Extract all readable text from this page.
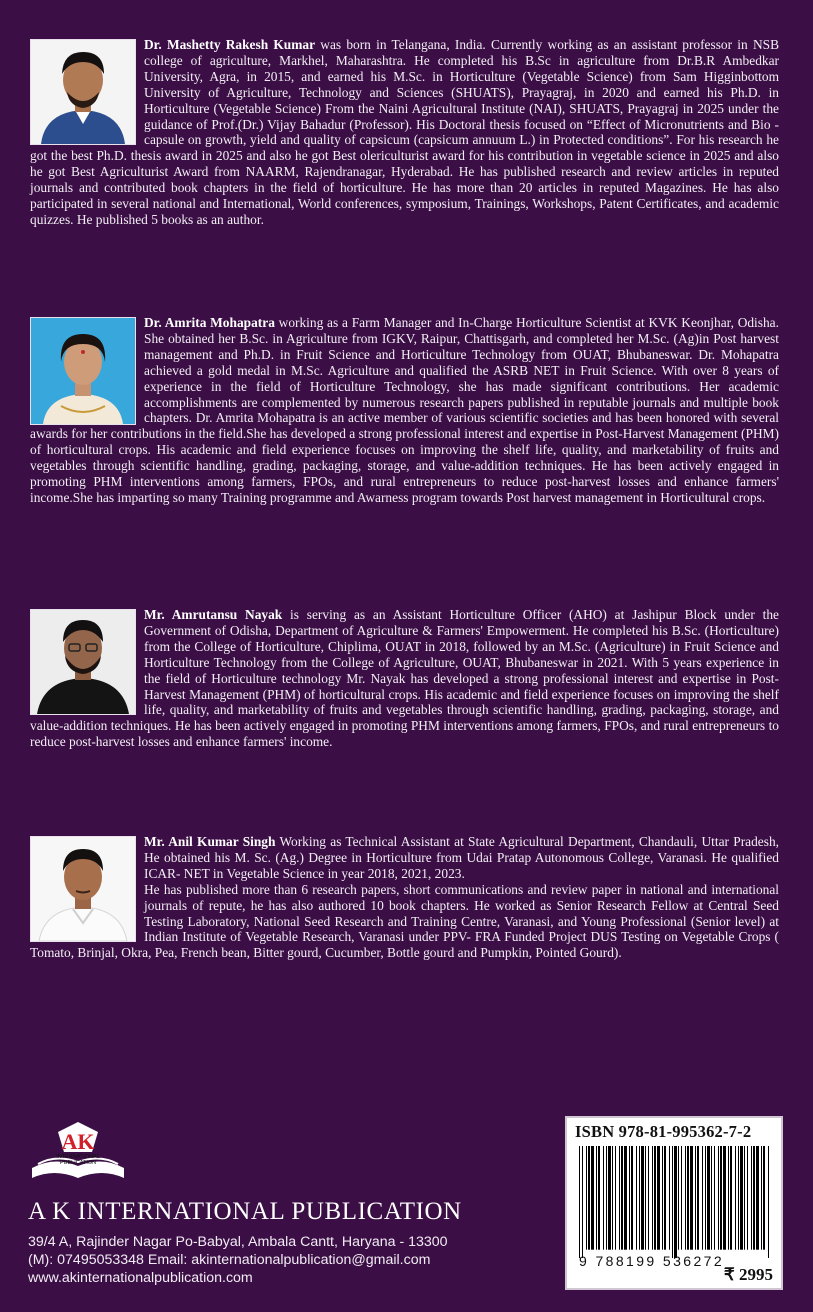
Dr. Mashetty Rakesh Kumar was born in Telangana, India. Currently working as an assistant professor in NSB college of agriculture, Markhel, Maharashtra. He completed his B.Sc in agriculture from Dr.B.R Ambedkar University, Agra, in 2015, and earned his M.Sc. in Horticulture (Vegetable Science) from Sam Higginbottom University of Agriculture, Technology and Sciences (SHUATS), Prayagraj, in 2020 and earned his Ph.D. in Horticulture (Vegetable Science) From the Naini Agricultural Institute (NAI), SHUATS, Prayagraj in 2025 under the guidance of Prof.(Dr.) Vijay Bahadur (Professor). His Doctoral thesis focused on “Effect of Micronutrients and Bio - capsule on growth, yield and quality of capsicum (capsicum annuum L.) in Protected conditions”. For his research he got the best Ph.D. thesis award in 2025 and also he got Best olericulturist award for his contribution in vegetable science in 2025 and also he got Best Agriculturist Award from NAARM, Rajendranagar, Hyderabad. He has published research and review articles in reputed journals and contributed book chapters in the field of horticulture. He has more than 20 articles in reputed Magazines. He has also participated in several national and International, World conferences, symposium, Trainings, Workshops, Patent Certificates, and academic quizzes. He published 5 books as an author.
Dr. Amrita Mohapatra working as a Farm Manager and In-Charge Horticulture Scientist at KVK Keonjhar, Odisha. She obtained her B.Sc. in Agriculture from IGKV, Raipur, Chattisgarh, and completed her M.Sc. (Ag)in Post harvest management and Ph.D. in Fruit Science and Horticulture Technology from OUAT, Bhubaneswar. Dr. Mohapatra achieved a gold medal in M.Sc. Agriculture and qualified the ASRB NET in Fruit Science. With over 8 years of experience in the field of Horticulture Technology, she has made significant contributions. Her academic accomplishments are complemented by numerous research papers published in reputable journals and multiple book chapters. Dr. Amrita Mohapatra is an active member of various scientific societies and has been honored with several awards for her contributions in the field.She has developed a strong professional interest and expertise in Post-Harvest Management (PHM) of horticultural crops. His academic and field experience focuses on improving the shelf life, quality, and marketability of fruits and vegetables through scientific handling, grading, packaging, storage, and value-addition techniques. He has been actively engaged in promoting PHM interventions among farmers, FPOs, and rural entrepreneurs to reduce post-harvest losses and enhance farmers' income.She has imparting so many Training programme and Awarness program towards Post harvest management in Horticultural crops.
Mr. Amrutansu Nayak is serving as an Assistant Horticulture Officer (AHO) at Jashipur Block under the Government of Odisha, Department of Agriculture & Farmers' Empowerment. He completed his B.Sc. (Horticulture) from the College of Horticulture, Chiplima, OUAT in 2018, followed by an M.Sc. (Agriculture) in Fruit Science and Horticulture Technology from the College of Agriculture, OUAT, Bhubaneswar in 2021. With 5 years experience in the field of Horticulture technology Mr. Nayak has developed a strong professional interest and expertise in Post-Harvest Management (PHM) of horticultural crops. His academic and field experience focuses on improving the shelf life, quality, and marketability of fruits and vegetables through scientific handling, grading, packaging, storage, and value-addition techniques. He has been actively engaged in promoting PHM interventions among farmers, FPOs, and rural entrepreneurs to reduce post-harvest losses and enhance farmers' income.
Mr. Anil Kumar Singh Working as Technical Assistant at State Agricultural Department, Chandauli, Uttar Pradesh, He obtained his M. Sc. (Ag.) Degree in Horticulture from Udai Pratap Autonomous College, Varanasi. He qualified ICAR- NET in Vegetable Science in year 2018, 2021, 2023.
He has published more than 6 research papers, short communications and review paper in national and international journals of repute, he has also authored 10 book chapters. He worked as Senior Research Fellow at Central Seed Testing Laboratory, National Seed Research and Training Centre, Varanasi, and Young Professional (Senior level) at Indian Institute of Vegetable Research, Varanasi under PPV- FRA Funded Project DUS Testing on Vegetable Crops ( Tomato, Brinjal, Okra, Pea, French bean, Bitter gourd, Cucumber, Bottle gourd and Pumpkin, Pointed Gourd).
AK
INTERNATIONAL
PUBLICATION
A K INTERNATIONAL PUBLICATION
39/4 A, Rajinder Nagar Po-Babyal, Ambala Cantt, Haryana - 13300
(M): 07495053348 Email: akinternationalpublication@gmail.com
www.akinternationalpublication.com
ISBN 978-81-995362-7-2
9 788199 536272
₹ 2995
